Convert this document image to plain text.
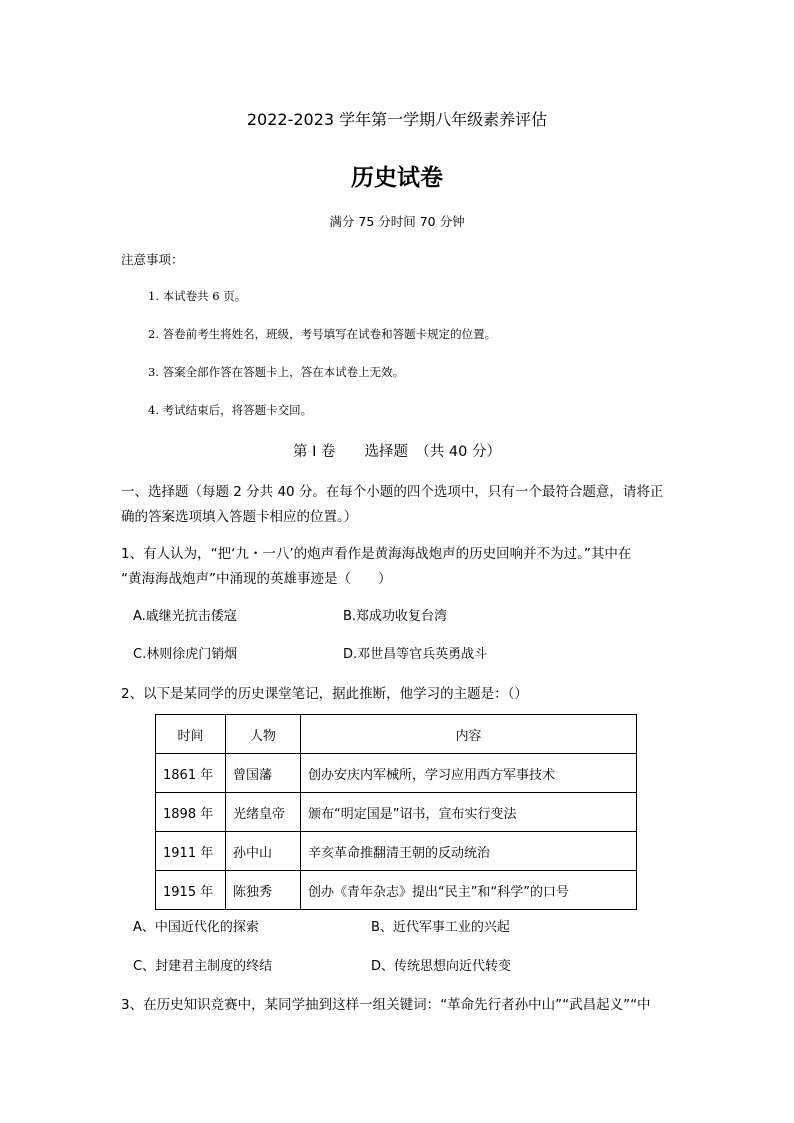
2022-2023 学年第一学期八年级素养评估
历史试卷
满分 75 分时间 70 分钟
注意事项：
1. 本试卷共 6 页。
2. 答卷前考生将姓名，班级，考号填写在试卷和答题卡规定的位置。
3. 答案全部作答在答题卡上，答在本试卷上无效。
4. 考试结束后，将答题卡交回。
第 I 卷　　选择题　（共 40 分）
一、选择题（每题 2 分共 40 分。在每个小题的四个选项中，只有一个最符合题意，请将正
确的答案选项填入答题卡相应的位置。）
1、有人认为，“把‘九・一八’的炮声看作是黄海海战炮声的历史回响并不为过。”其中在
“黄海海战炮声”中涌现的英雄事迹是（　　）
A.戚继光抗击倭寇	B.郑成功收复台湾
C.林则徐虎门销烟	D.邓世昌等官兵英勇战斗
2、以下是某同学的历史课堂笔记，据此推断，他学习的主题是：（）
时间	人物	内容
1861 年	曾国藩	创办安庆内军械所，学习应用西方军事技术
1898 年	光绪皇帝	颁布“明定国是”诏书，宣布实行变法
1911 年	孙中山	辛亥革命推翻清王朝的反动统治
1915 年	陈独秀	创办《青年杂志》提出“民主”和“科学”的口号
A、中国近代化的探索	B、近代军事工业的兴起
C、封建君主制度的终结	D、传统思想向近代转变
3、在历史知识竞赛中，某同学抽到这样一组关键词：“革命先行者孙中山”“武昌起义”“中
